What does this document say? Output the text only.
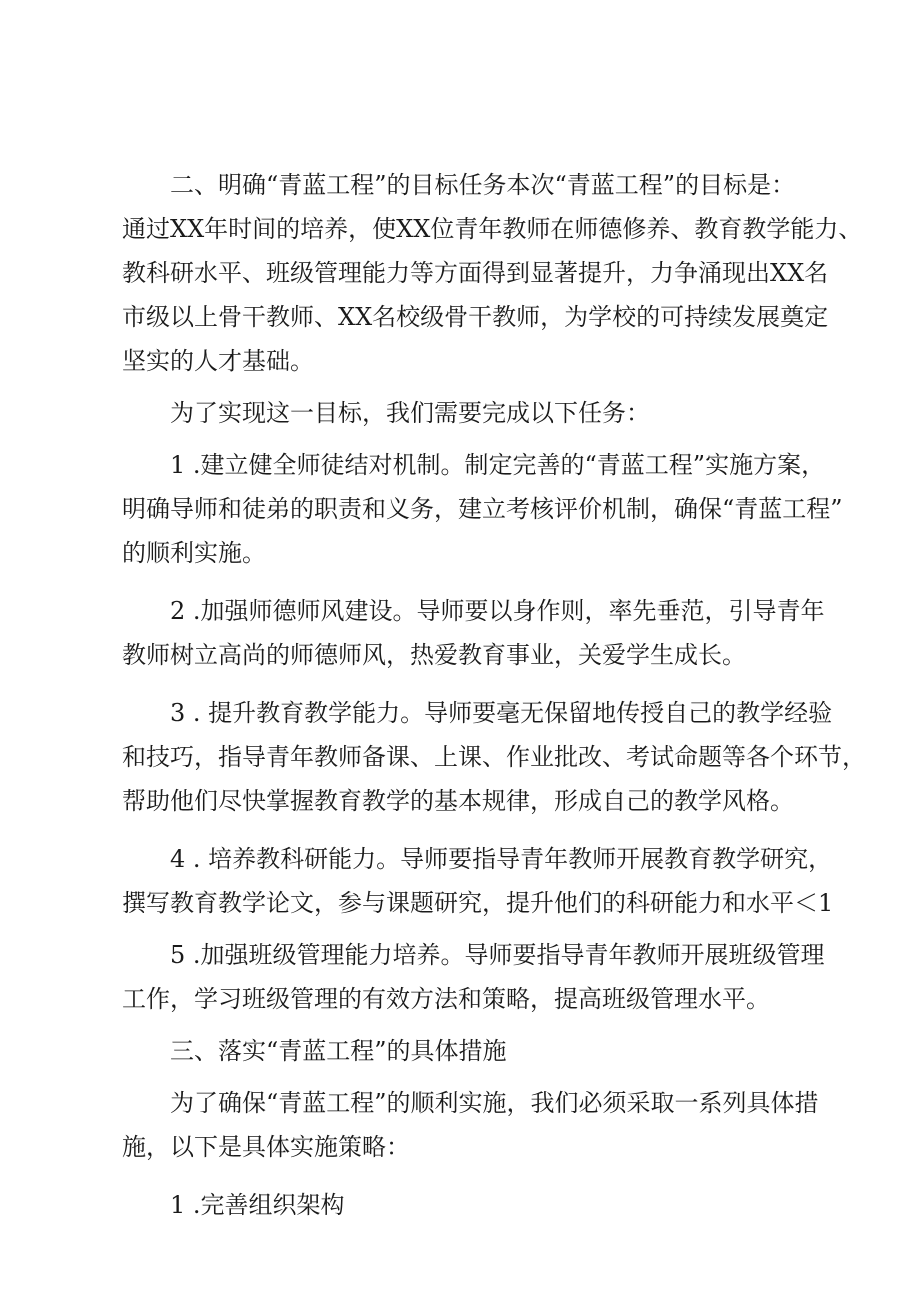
二、明确“青蓝工程”的目标任务本次“青蓝工程”的目标是：

通过XX年时间的培养，使XX位青年教师在师德修养、教育教学能力、

教科研水平、班级管理能力等方面得到显著提升，力争涌现出XX名

市级以上骨干教师、XX名校级骨干教师，为学校的可持续发展奠定

坚实的人才基础。

为了实现这一目标，我们需要完成以下任务：

1 .建立健全师徒结对机制。制定完善的“青蓝工程”实施方案，

明确导师和徒弟的职责和义务，建立考核评价机制，确保“青蓝工程”

的顺利实施。

2 .加强师德师风建设。导师要以身作则，率先垂范，引导青年

教师树立高尚的师德师风，热爱教育事业，关爱学生成长。

3 . 提升教育教学能力。导师要毫无保留地传授自己的教学经验

和技巧，指导青年教师备课、上课、作业批改、考试命题等各个环节，

帮助他们尽快掌握教育教学的基本规律，形成自己的教学风格。

4 . 培养教科研能力。导师要指导青年教师开展教育教学研究，

撰写教育教学论文，参与课题研究，提升他们的科研能力和水平＜1

5 .加强班级管理能力培养。导师要指导青年教师开展班级管理

工作，学习班级管理的有效方法和策略，提高班级管理水平。

三、落实“青蓝工程”的具体措施

为了确保“青蓝工程”的顺利实施，我们必须采取一系列具体措

施，以下是具体实施策略：

1 .完善组织架构
